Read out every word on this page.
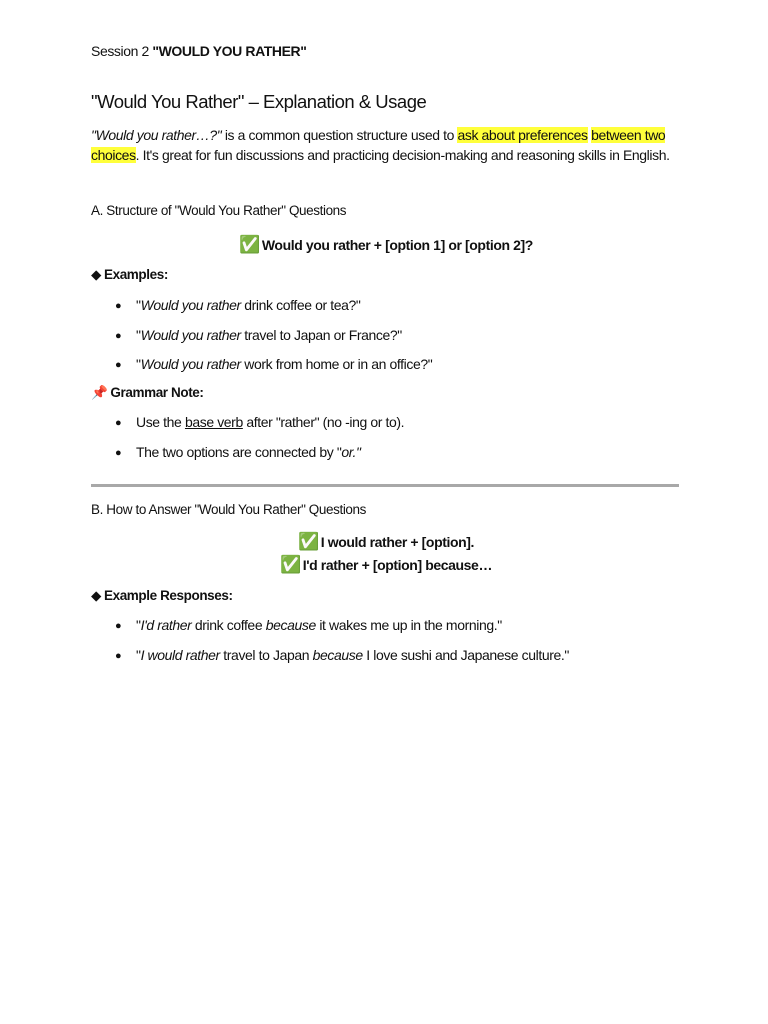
Session 2 "WOULD YOU RATHER"
"Would You Rather" – Explanation & Usage
"Would you rather…?" is a common question structure used to ask about preferences between two choices. It's great for fun discussions and practicing decision-making and reasoning skills in English.
A. Structure of "Would You Rather" Questions
✅ Would you rather + [option 1] or [option 2]?
◆ Examples:
● "Would you rather drink coffee or tea?"
● "Would you rather travel to Japan or France?"
● "Would you rather work from home or in an office?"
📌 Grammar Note:
● Use the base verb after "rather" (no -ing or to).
● The two options are connected by "or."
B. How to Answer "Would You Rather" Questions
✅ I would rather + [option].
✅ I'd rather + [option] because…
◆ Example Responses:
● "I'd rather drink coffee because it wakes me up in the morning."
● "I would rather travel to Japan because I love sushi and Japanese culture."
